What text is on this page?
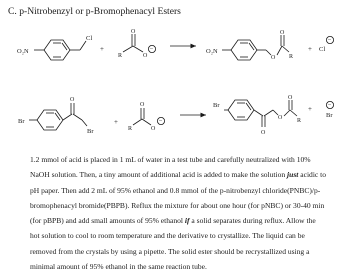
C. p-Nitrobenzyl or p-Bromophenacyl Esters
O₂N
Cl
+
R
O
O
−	O₂N
O
O
R
+ Cl
−
Br
O
Br
+
R
O
O
−
Br
O
O
O
R
+
Br
−
1.2 mmol of acid is placed in 1 mL of water in a test tube and carefully neutralized with 10%
NaOH solution. Then, a tiny amount of additional acid is added to make the solution just acidic to
pH paper. Then add 2 mL of 95% ethanol and 0.8 mmol of the p-nitrobenzyl chloride(PNBC)/p-
bromophenacyl bromide(PBPB). Reflux the mixture for about one hour (for pNBC) or 30-40 min
(for pBPB) and add small amounts of 95% ethanol if a solid separates during reflux. Allow the
hot solution to cool to room temperature and the derivative to crystallize. The liquid can be
removed from the crystals by using a pipette. The solid ester should be recrystallized using a
minimal amount of 95% ethanol in the same reaction tube.
